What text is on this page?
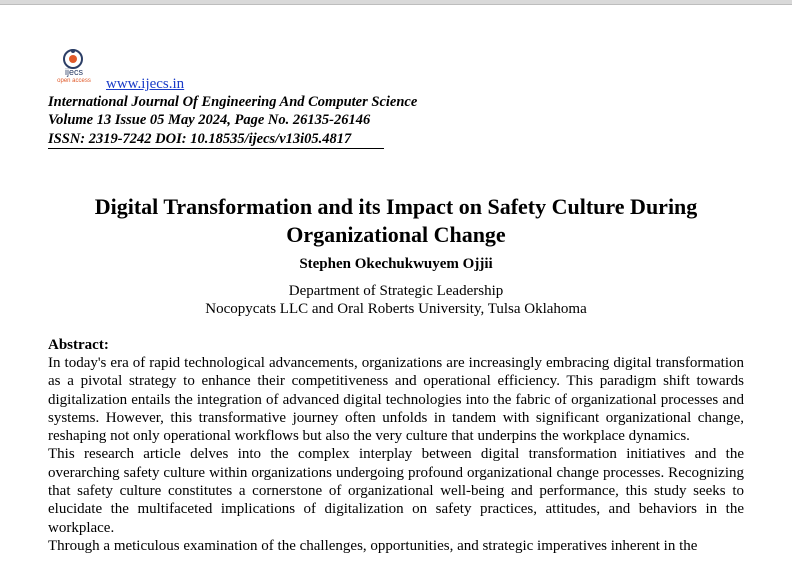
ijecs
open access	www.ijecs.in
International Journal Of Engineering And Computer Science
Volume 13 Issue 05 May 2024, Page No. 26135-26146
ISSN: 2319-7242 DOI: 10.18535/ijecs/v13i05.4817
Digital Transformation and its Impact on Safety Culture During Organizational Change
Stephen Okechukwuyem Ojjii
Department of Strategic Leadership
Nocopycats LLC and Oral Roberts University, Tulsa Oklahoma
Abstract:

In today's era of rapid technological advancements, organizations are increasingly embracing digital transformation as a pivotal strategy to enhance their competitiveness and operational efficiency. This paradigm shift towards digitalization entails the integration of advanced digital technologies into the fabric of organizational processes and systems. However, this transformative journey often unfolds in tandem with significant organizational change, reshaping not only operational workflows but also the very culture that underpins the workplace dynamics.

This research article delves into the complex interplay between digital transformation initiatives and the overarching safety culture within organizations undergoing profound organizational change processes. Recognizing that safety culture constitutes a cornerstone of organizational well-being and performance, this study seeks to elucidate the multifaceted implications of digitalization on safety practices, attitudes, and behaviors in the workplace.

Through a meticulous examination of the challenges, opportunities, and strategic imperatives inherent in the
